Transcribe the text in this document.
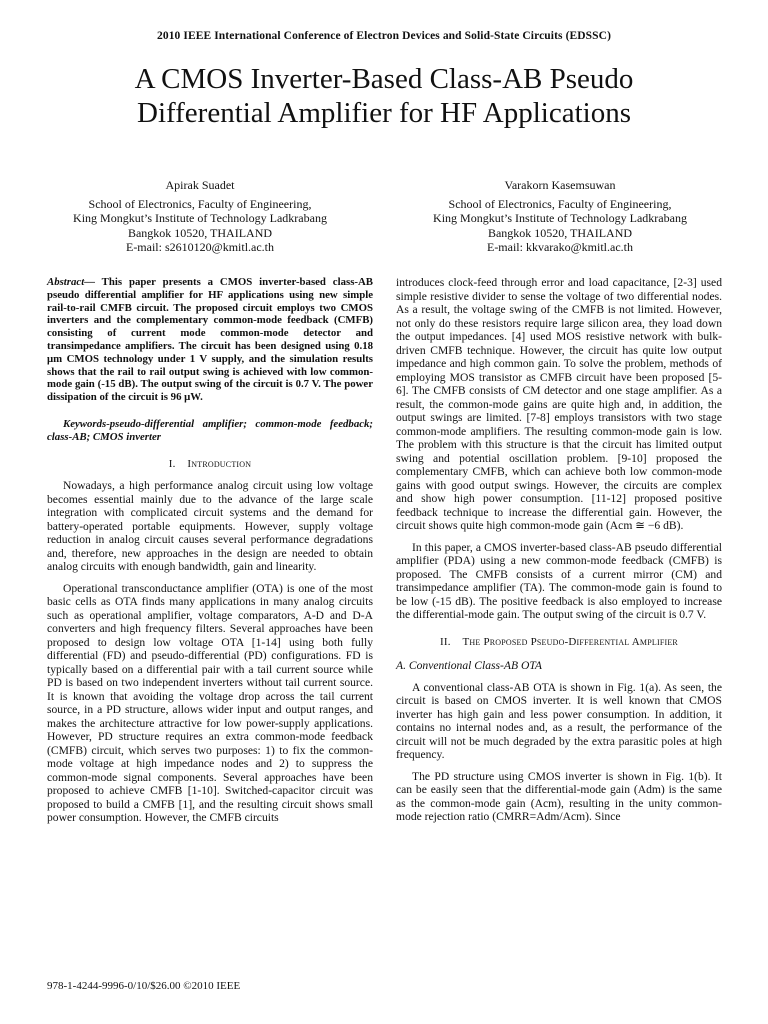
2010 IEEE International Conference of Electron Devices and Solid-State Circuits (EDSSC)
A CMOS Inverter-Based Class-AB Pseudo
Differential Amplifier for HF Applications
Apirak Suadet
School of Electronics, Faculty of Engineering,
King Mongkut’s Institute of Technology Ladkrabang
Bangkok 10520, THAILAND
E-mail: s2610120@kmitl.ac.th
Varakorn Kasemsuwan
School of Electronics, Faculty of Engineering,
King Mongkut’s Institute of Technology Ladkrabang
Bangkok 10520, THAILAND
E-mail: kkvarako@kmitl.ac.th

Abstract— This paper presents a CMOS inverter-based class-AB pseudo differential amplifier for HF applications using new simple rail-to-rail CMFB circuit. The proposed circuit employs two CMOS inverters and the complementary common-mode feedback (CMFB) consisting of current mode common-mode detector and transimpedance amplifiers. The circuit has been designed using 0.18 μm CMOS technology under 1 V supply, and the simulation results shows that the rail to rail output swing is achieved with low common-mode gain (-15 dB). The output swing of the circuit is 0.7 V. The power dissipation of the circuit is 96 μW.

Keywords-pseudo-differential amplifier; common-mode feedback; class-AB; CMOS inverter

I. Introduction

Nowadays, a high performance analog circuit using low voltage becomes essential mainly due to the advance of the large scale integration with complicated circuit systems and the demand for battery-operated portable equipments. However, supply voltage reduction in analog circuit causes several performance degradations and, therefore, new approaches in the design are needed to obtain analog circuits with enough bandwidth, gain and linearity.

Operational transconductance amplifier (OTA) is one of the most basic cells as OTA finds many applications in many analog circuits such as operational amplifier, voltage comparators, A-D and D-A converters and high frequency filters. Several approaches have been proposed to design low voltage OTA [1-14] using both fully differential (FD) and pseudo-differential (PD) configurations. FD is typically based on a differential pair with a tail current source while PD is based on two independent inverters without tail current source. It is known that avoiding the voltage drop across the tail current source, in a PD structure, allows wider input and output ranges, and makes the architecture attractive for low power-supply applications. However, PD structure requires an extra common-mode feedback (CMFB) circuit, which serves two purposes: 1) to fix the common-mode voltage at high impedance nodes and 2) to suppress the common-mode signal components. Several approaches have been proposed to achieve CMFB [1-10]. Switched-capacitor circuit was proposed to build a CMFB [1], and the resulting circuit shows small power consumption. However, the CMFB circuits

introduces clock-feed through error and load capacitance, [2-3] used simple resistive divider to sense the voltage of two differential nodes. As a result, the voltage swing of the CMFB is not limited. However, not only do these resistors require large silicon area, they load down the output impedances. [4] used MOS resistive network with bulk-driven CMFB technique. However, the circuit has quite low output impedance and high common gain. To solve the problem, methods of employing MOS transistor as CMFB circuit have been proposed [5-6]. The CMFB consists of CM detector and one stage amplifier. As a result, the common-mode gains are quite high and, in addition, the output swings are limited. [7-8] employs transistors with two stage common-mode amplifiers. The resulting common-mode gain is low. The problem with this structure is that the circuit has limited output swing and potential oscillation problem. [9-10] proposed the complementary CMFB, which can achieve both low common-mode gains with good output swings. However, the circuits are complex and show high power consumption. [11-12] proposed positive feedback technique to increase the differential gain. However, the circuit shows quite high common-mode gain (Acm ≅ −6 dB).

In this paper, a CMOS inverter-based class-AB pseudo differential amplifier (PDA) using a new common-mode feedback (CMFB) is proposed. The CMFB consists of a current mirror (CM) and transimpedance amplifier (TA). The common-mode gain is found to be low (-15 dB). The positive feedback is also employed to increase the differential-mode gain. The output swing of the circuit is 0.7 V.

II. The Proposed Pseudo-Differential Amplifier

A. Conventional Class-AB OTA

A conventional class-AB OTA is shown in Fig. 1(a). As seen, the circuit is based on CMOS inverter. It is well known that CMOS inverter has high gain and less power consumption. In addition, it contains no internal nodes and, as a result, the performance of the circuit will not be much degraded by the extra parasitic poles at high frequency.

The PD structure using CMOS inverter is shown in Fig. 1(b). It can be easily seen that the differential-mode gain (Adm) is the same as the common-mode gain (Acm), resulting in the unity common-mode rejection ratio (CMRR=Adm/Acm). Since

978-1-4244-9996-0/10/$26.00 ©2010 IEEE
